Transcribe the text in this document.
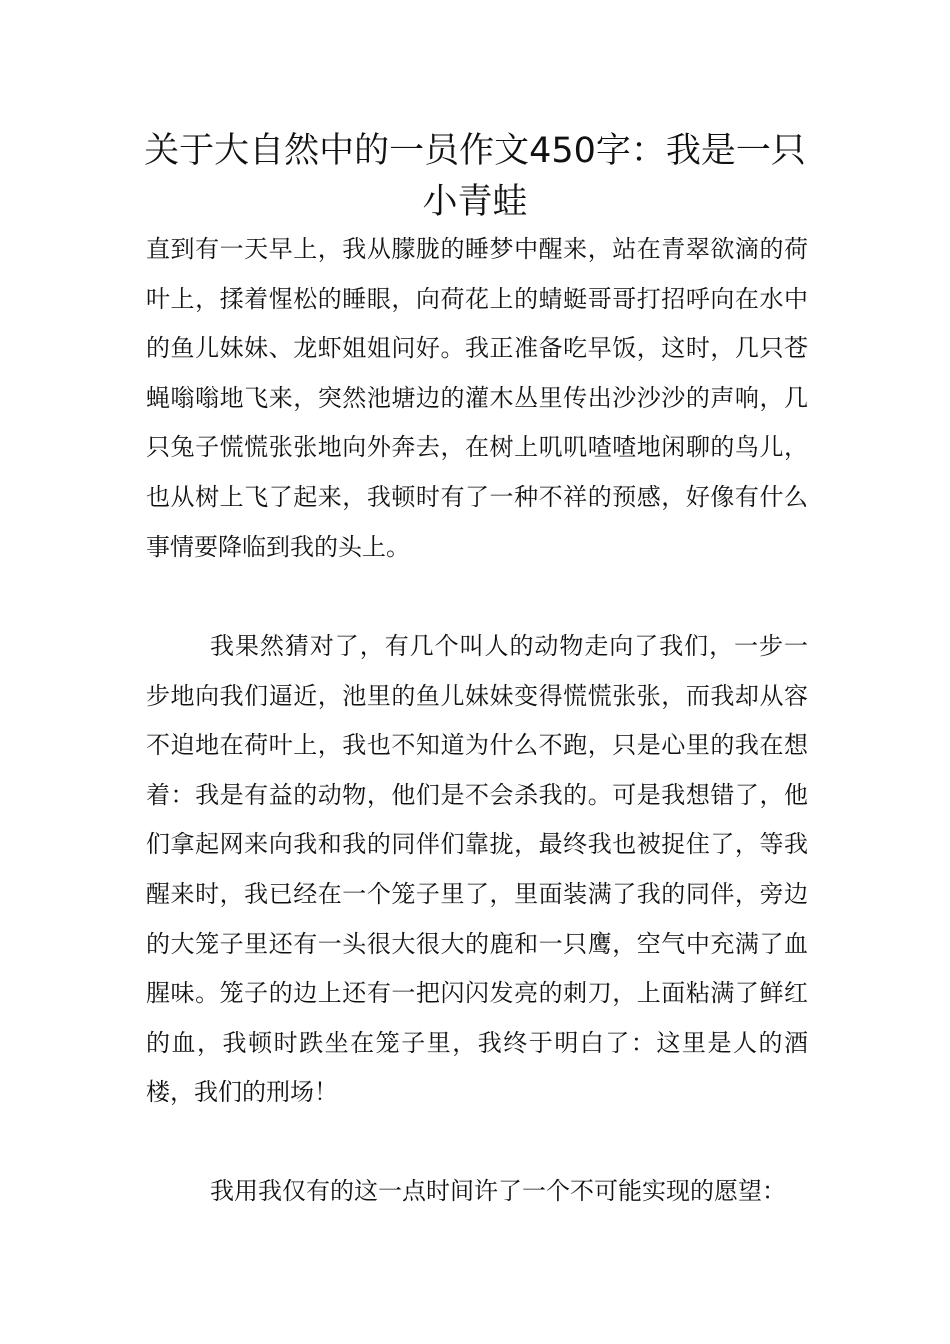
关于大自然中的一员作文450字：我是一只小青蛙

直到有一天早上，我从朦胧的睡梦中醒来，站在青翠欲滴的荷叶上，揉着惺松的睡眼，向荷花上的蜻蜓哥哥打招呼向在水中的鱼儿妹妹、龙虾姐姐问好。我正准备吃早饭，这时，几只苍蝇嗡嗡地飞来，突然池塘边的灌木丛里传出沙沙沙的声响，几只兔子慌慌张张地向外奔去，在树上叽叽喳喳地闲聊的鸟儿，也从树上飞了起来，我顿时有了一种不祥的预感，好像有什么事情要降临到我的头上。

我果然猜对了，有几个叫人的动物走向了我们，一步一步地向我们逼近，池里的鱼儿妹妹变得慌慌张张，而我却从容不迫地在荷叶上，我也不知道为什么不跑，只是心里的我在想着：我是有益的动物，他们是不会杀我的。可是我想错了，他们拿起网来向我和我的同伴们靠拢，最终我也被捉住了，等我醒来时，我已经在一个笼子里了，里面装满了我的同伴，旁边的大笼子里还有一头很大很大的鹿和一只鹰，空气中充满了血腥味。笼子的边上还有一把闪闪发亮的刺刀，上面粘满了鲜红的血，我顿时跌坐在笼子里，我终于明白了：这里是人的酒楼，我们的刑场！

我用我仅有的这一点时间许了一个不可能实现的愿望：
